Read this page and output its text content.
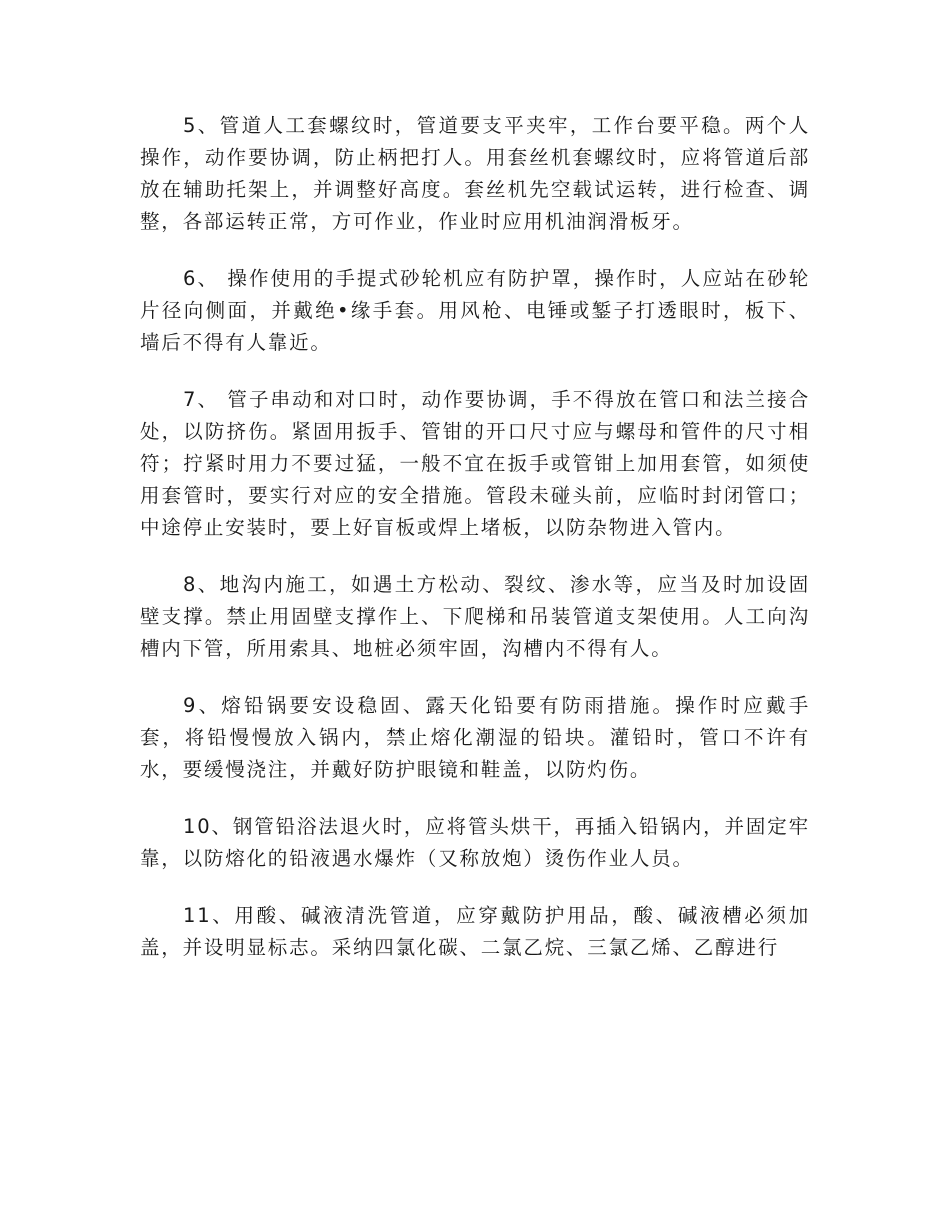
5、管道人工套螺纹时，管道要支平夹牢，工作台要平稳。两个人操作，动作要协调，防止柄把打人。用套丝机套螺纹时，应将管道后部放在辅助托架上，并调整好高度。套丝机先空载试运转，进行检查、调整，各部运转正常，方可作业，作业时应用机油润滑板牙。

6、 操作使用的手提式砂轮机应有防护罩，操作时，人应站在砂轮片径向侧面，并戴绝•缘手套。用风枪、电锤或錾子打透眼时，板下、墙后不得有人靠近。

7、 管子串动和对口时，动作要协调，手不得放在管口和法兰接合处，以防挤伤。紧固用扳手、管钳的开口尺寸应与螺母和管件的尺寸相符；拧紧时用力不要过猛，一般不宜在扳手或管钳上加用套管，如须使用套管时，要实行对应的安全措施。管段未碰头前，应临时封闭管口；中途停止安装时，要上好盲板或焊上堵板，以防杂物进入管内。

8、地沟内施工，如遇土方松动、裂纹、渗水等，应当及时加设固壁支撑。禁止用固壁支撑作上、下爬梯和吊装管道支架使用。人工向沟槽内下管，所用索具、地桩必须牢固，沟槽内不得有人。

9、熔铅锅要安设稳固、露天化铅要有防雨措施。操作时应戴手套，将铅慢慢放入锅内，禁止熔化潮湿的铅块。灌铅时，管口不许有水，要缓慢浇注，并戴好防护眼镜和鞋盖，以防灼伤。

10、钢管铅浴法退火时，应将管头烘干，再插入铅锅内，并固定牢靠，以防熔化的铅液遇水爆炸（又称放炮）烫伤作业人员。

11、用酸、碱液清洗管道，应穿戴防护用品，酸、碱液槽必须加盖，并设明显标志。采纳四氯化碳、二氯乙烷、三氯乙烯、乙醇进行
